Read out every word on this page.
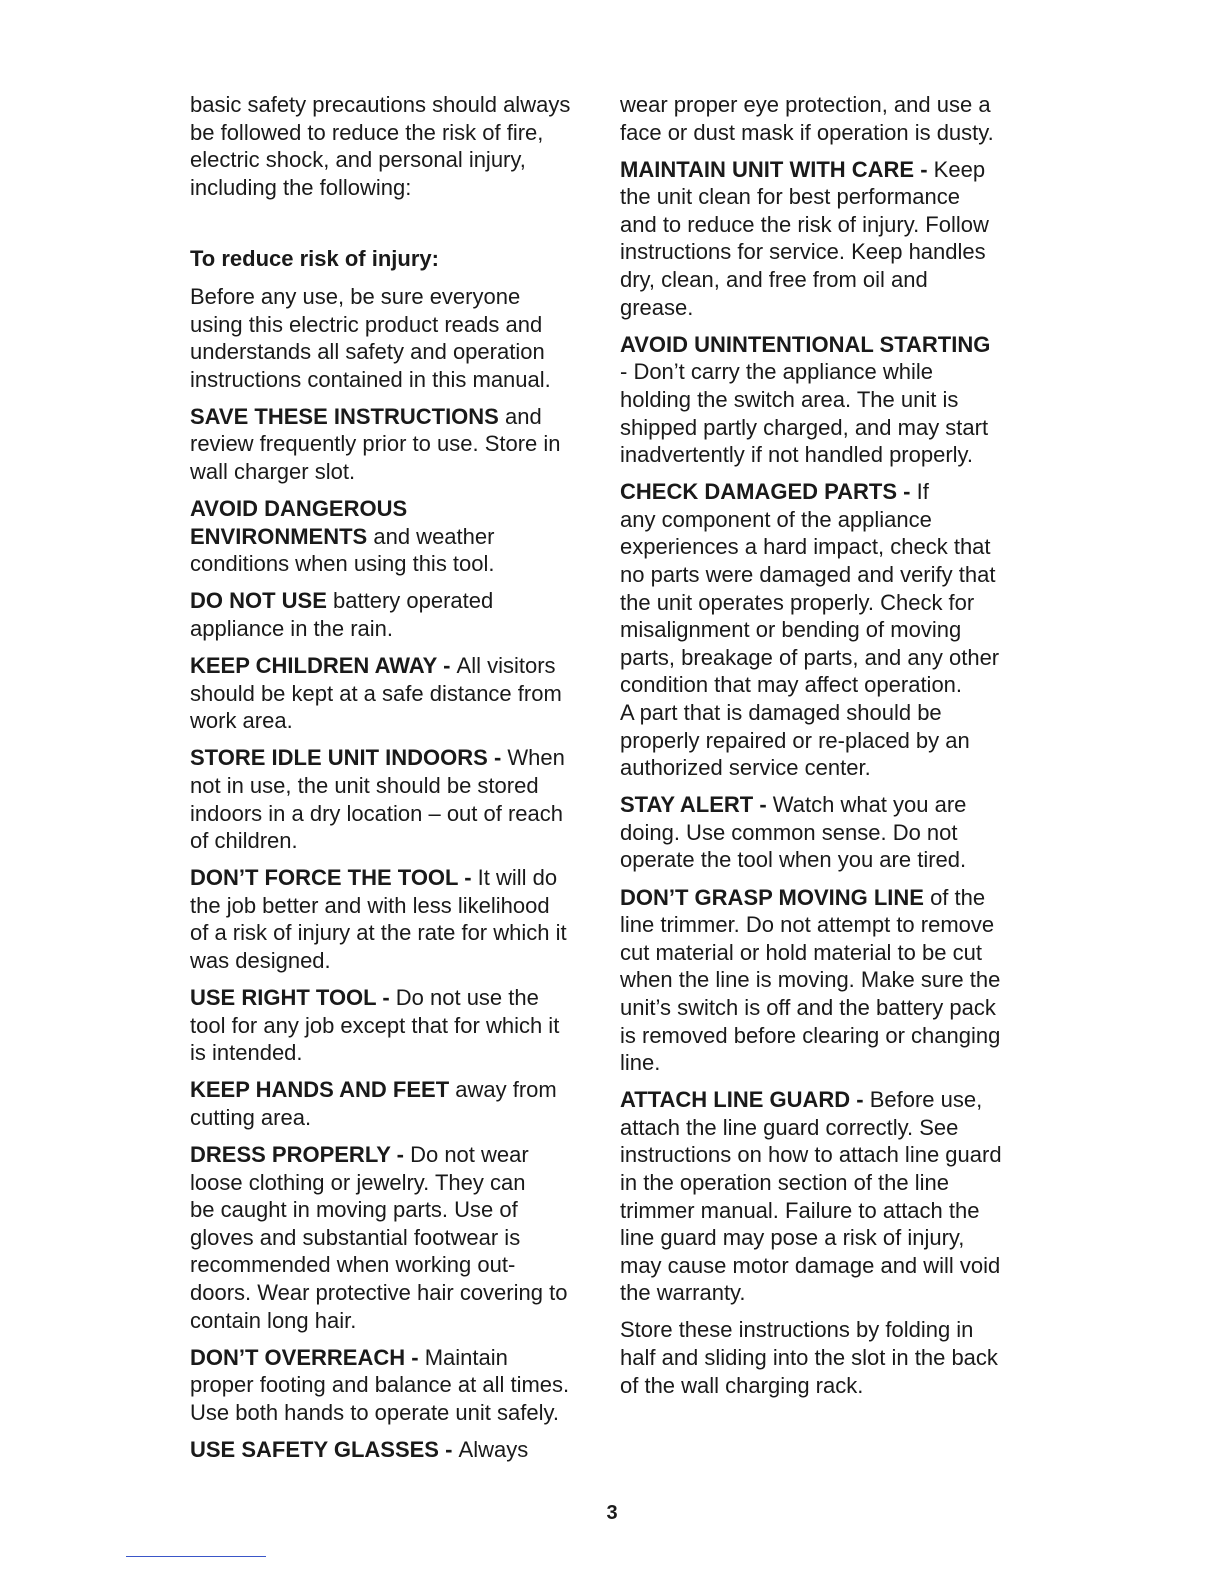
basic safety precautions should always
be followed to reduce the risk of fire,
electric shock, and personal injury,
including the following:

To reduce risk of injury:

Before any use, be sure everyone
using this electric product reads and
understands all safety and operation
instructions contained in this manual.

SAVE THESE INSTRUCTIONS and
review frequently prior to use. Store in
wall charger slot.

AVOID DANGEROUS
ENVIRONMENTS and weather
conditions when using this tool.

DO NOT USE battery operated
appliance in the rain.

KEEP CHILDREN AWAY - All visitors
should be kept at a safe distance from
work area.

STORE IDLE UNIT INDOORS - When
not in use, the unit should be stored
indoors in a dry location – out of reach
of children.

DON’T FORCE THE TOOL - It will do
the job better and with less likelihood
of a risk of injury at the rate for which it
was designed.

USE RIGHT TOOL - Do not use the
tool for any job except that for which it
is intended.

KEEP HANDS AND FEET away from
cutting area.

DRESS PROPERLY - Do not wear
loose clothing or jewelry. They can
be caught in moving parts. Use of
gloves and substantial footwear is
recommended when working out-
doors. Wear protective hair covering to
contain long hair.

DON’T OVERREACH - Maintain
proper footing and balance at all times.
Use both hands to operate unit safely.

USE SAFETY GLASSES - Always

wear proper eye protection, and use a
face or dust mask if operation is dusty.

MAINTAIN UNIT WITH CARE - Keep
the unit clean for best performance
and to reduce the risk of injury. Follow
instructions for service. Keep handles
dry, clean, and free from oil and
grease.

AVOID UNINTENTIONAL STARTING
- Don’t carry the appliance while
holding the switch area. The unit is
shipped partly charged, and may start
inadvertently if not handled properly.

CHECK DAMAGED PARTS - If
any component of the appliance
experiences a hard impact, check that
no parts were damaged and verify that
the unit operates properly. Check for
misalignment or bending of moving
parts, breakage of parts, and any other
condition that may affect operation.
A part that is damaged should be
properly repaired or re-placed by an
authorized service center.

STAY ALERT - Watch what you are
doing. Use common sense. Do not
operate the tool when you are tired.

DON’T GRASP MOVING LINE of the
line trimmer. Do not attempt to remove
cut material or hold material to be cut
when the line is moving. Make sure the
unit’s switch is off and the battery pack
is removed before clearing or changing
line.

ATTACH LINE GUARD - Before use,
attach the line guard correctly. See
instructions on how to attach line guard
in the operation section of the line
trimmer manual. Failure to attach the
line guard may pose a risk of injury,
may cause motor damage and will void
the warranty.

Store these instructions by folding in
half and sliding into the slot in the back
of the wall charging rack.

3
